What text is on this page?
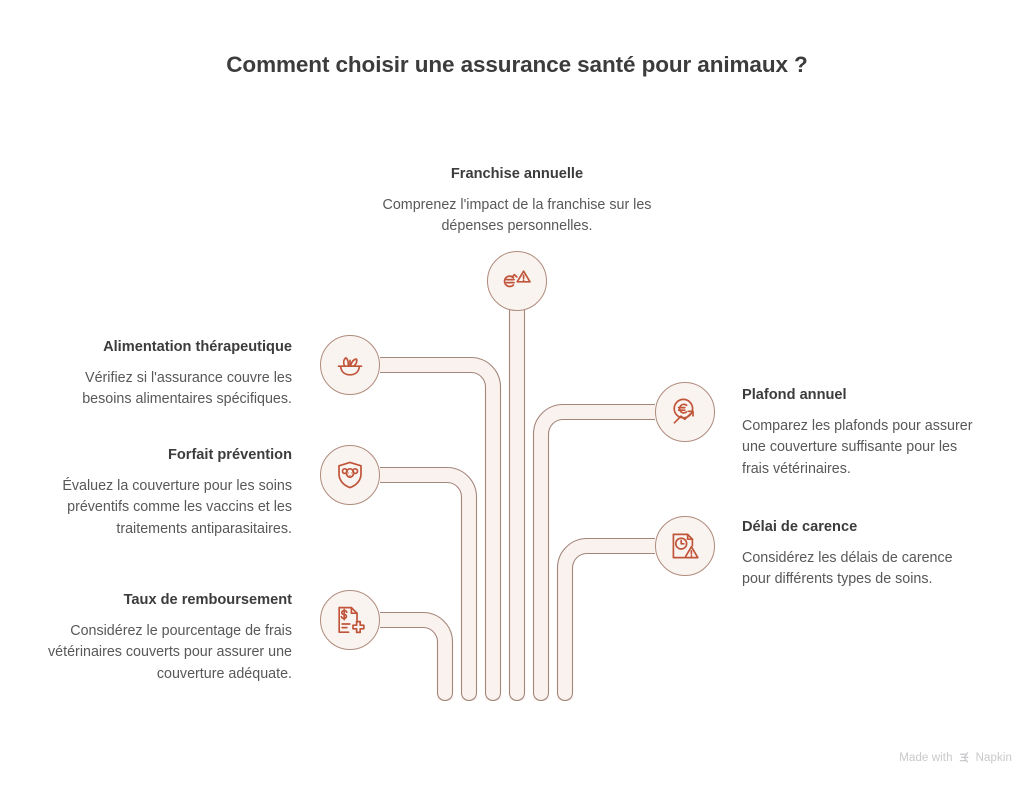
Comment choisir une assurance santé pour animaux ?
Franchise annuelle
Comprenez l'impact de la franchise sur les dépenses personnelles.
Alimentation thérapeutique
Vérifiez si l'assurance couvre les besoins alimentaires spécifiques.
Forfait prévention
Évaluez la couverture pour les soins préventifs comme les vaccins et les traitements antiparasitaires.
Taux de remboursement
Considérez le pourcentage de frais vétérinaires couverts pour assurer une couverture adéquate.
Plafond annuel
Comparez les plafonds pour assurer une couverture suffisante pour les frais vétérinaires.
Délai de carence
Considérez les délais de carence pour différents types de soins.
Made with Napkin
